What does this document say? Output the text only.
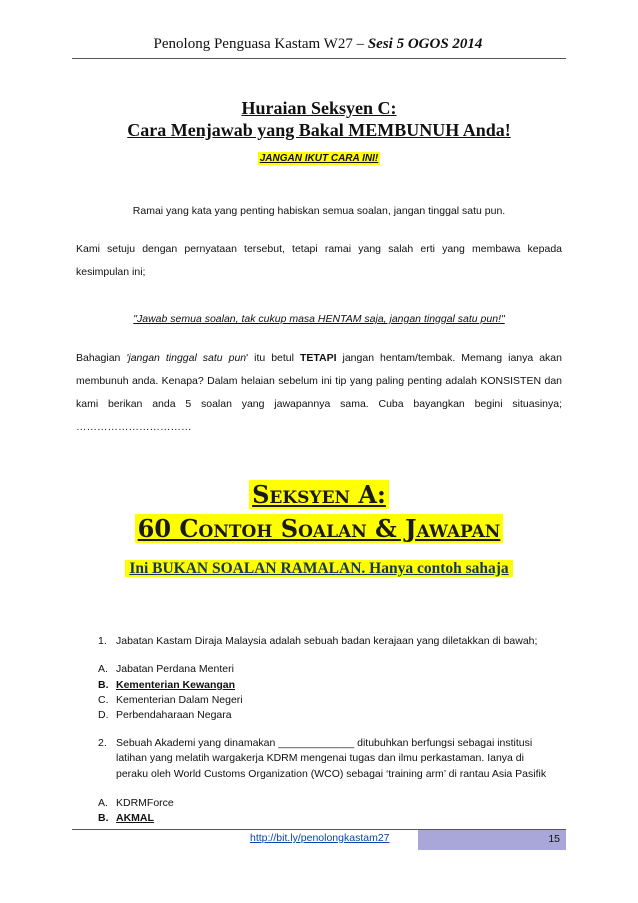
Penolong Penguasa Kastam W27 – Sesi 5 OGOS 2014
Huraian Seksyen C:
Cara Menjawab yang Bakal MEMBUNUH Anda!
JANGAN IKUT CARA INI!
Ramai yang kata yang penting habiskan semua soalan, jangan tinggal satu pun.
Kami setuju dengan pernyataan tersebut, tetapi ramai yang salah erti yang membawa kepada kesimpulan ini;
"Jawab semua soalan, tak cukup masa HENTAM saja, jangan tinggal satu pun!"
Bahagian 'jangan tinggal satu pun' itu betul TETAPI jangan hentam/tembak. Memang ianya akan membunuh anda. Kenapa? Dalam helaian sebelum ini tip yang paling penting adalah KONSISTEN dan kami berikan anda 5 soalan yang jawapannya sama. Cuba bayangkan begini situasinya; ……………………………
Seksyen A:
60 Contoh Soalan & Jawapan
Ini BUKAN SOALAN RAMALAN. Hanya contoh sahaja
1. Jabatan Kastam Diraja Malaysia adalah sebuah badan kerajaan yang diletakkan di bawah;
A. Jabatan Perdana Menteri
B. Kementerian Kewangan
C. Kementerian Dalam Negeri
D. Perbendaharaan Negara
2. Sebuah Akademi yang dinamakan _____________ ditubuhkan berfungsi sebagai institusi
latihan yang melatih wargakerja KDRM mengenai tugas dan ilmu perkastaman. Ianya di
peraku oleh World Customs Organization (WCO) sebagai ‘training arm’ di rantau Asia Pasifik
A. KDRMForce
B. AKMAL
http://bit.ly/penolongkastam27	15
